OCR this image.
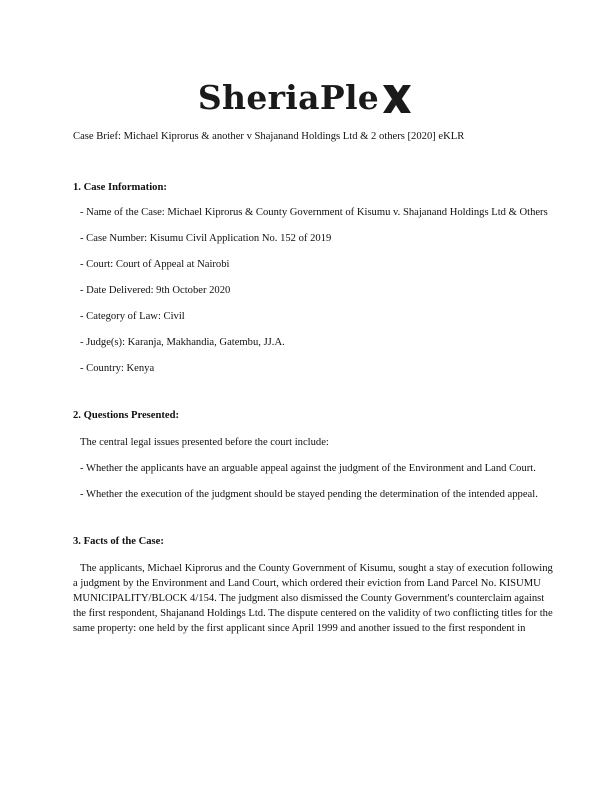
SheriaPle

Case Brief: Michael Kiprorus & another v Shajanand Holdings Ltd & 2 others [2020] eKLR

1. Case Information:

- Name of the Case: Michael Kiprorus & County Government of Kisumu v. Shajanand Holdings Ltd & Others

- Case Number: Kisumu Civil Application No. 152 of 2019

- Court: Court of Appeal at Nairobi

- Date Delivered: 9th October 2020

- Category of Law: Civil

- Judge(s): Karanja, Makhandia, Gatembu, JJ.A.

- Country: Kenya

2. Questions Presented:

The central legal issues presented before the court include:

- Whether the applicants have an arguable appeal against the judgment of the Environment and Land Court.

- Whether the execution of the judgment should be stayed pending the determination of the intended appeal.

3. Facts of the Case:

The applicants, Michael Kiprorus and the County Government of Kisumu, sought a stay of execution following a judgment by the Environment and Land Court, which ordered their eviction from Land Parcel No. KISUMU MUNICIPALITY/BLOCK 4/154. The judgment also dismissed the County Government's counterclaim against the first respondent, Shajanand Holdings Ltd. The dispute centered on the validity of two conflicting titles for the same property: one held by the first applicant since April 1999 and another issued to the first respondent in
